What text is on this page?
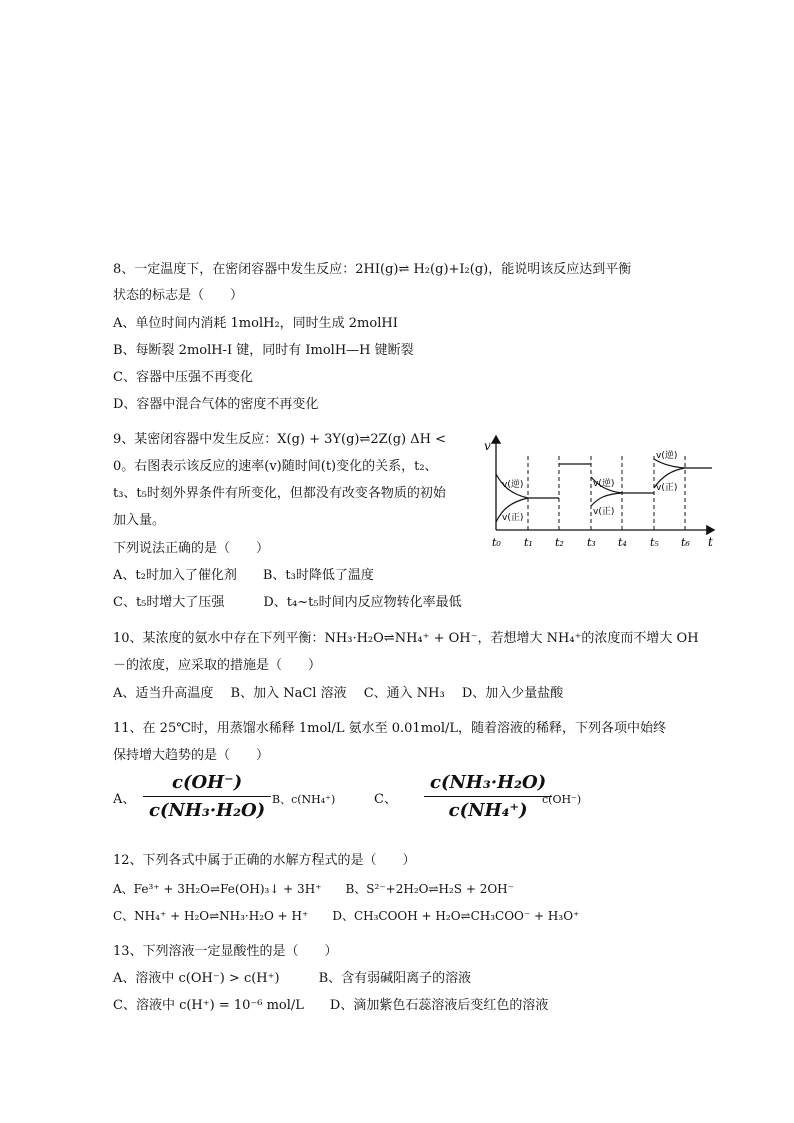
8、一定温度下，在密闭容器中发生反应：2HI(g)⇌ H₂(g)+I₂(g)，能说明该反应达到平衡
状态的标志是（　　）
A、单位时间内消耗 1molH₂，同时生成 2molHI
B、每断裂 2molH-I 键，同时有 ImolH—H 键断裂
C、容器中压强不再变化
D、容器中混合气体的密度不再变化
9、某密闭容器中发生反应：X(g) + 3Y(g)⇌2Z(g) ΔH <
0。右图表示该反应的速率(v)随时间(t)变化的关系，t₂、
t₃、t₅时刻外界条件有所变化，但都没有改变各物质的初始
加入量。
下列说法正确的是（　　）
A、t₂时加入了催化剂　　B、t₃时降低了温度
C、t₅时增大了压强　　　D、t₄~t₅时间内反应物转化率最低
v
t
v(逆)
v(正)
v(逆)
v(正)
v(逆)
v(正)
t₀ t₁ t₂ t₃ t₄ t₅ t₆
10、某浓度的氨水中存在下列平衡：NH₃·H₂O⇌NH₄⁺ + OH⁻，若想增大 NH₄⁺的浓度而不增大 OH
－的浓度，应采取的措施是（　　）
A、适当升高温度　 B、加入 NaCl 溶液　 C、通入 NH₃　 D、加入少量盐酸
11、在 25℃时，用蒸馏水稀释 1mol/L 氨水至 0.01mol/L，随着溶液的稀释，下列各项中始终
保持增大趋势的是（　　）
A、 $\frac{c(OH^-)}{\text{c(NH₃·H₂O)}}$ B、c(NH₄⁺)	C、 $\frac{\text{c(NH₃·H₂O)}}{\text{c(NH₄⁺)}}$
c(OH⁻)
12、下列各式中属于正确的水解方程式的是（　　）
A、Fe³⁺ + 3H₂O⇌Fe(OH)₃↓ + 3H⁺　　B、S²⁻+2H₂O⇌H₂S + 2OH⁻
C、NH₄⁺ + H₂O⇌NH₃·H₂O + H⁺　　D、CH₃COOH + H₂O⇌CH₃COO⁻ + H₃O⁺
13、下列溶液一定显酸性的是（　　）
A、溶液中 c(OH⁻) > c(H⁺)　　　B、含有弱碱阳离子的溶液
C、溶液中 c(H⁺) = 10⁻⁶ mol/L　　D、滴加紫色石蕊溶液后变红色的溶液
